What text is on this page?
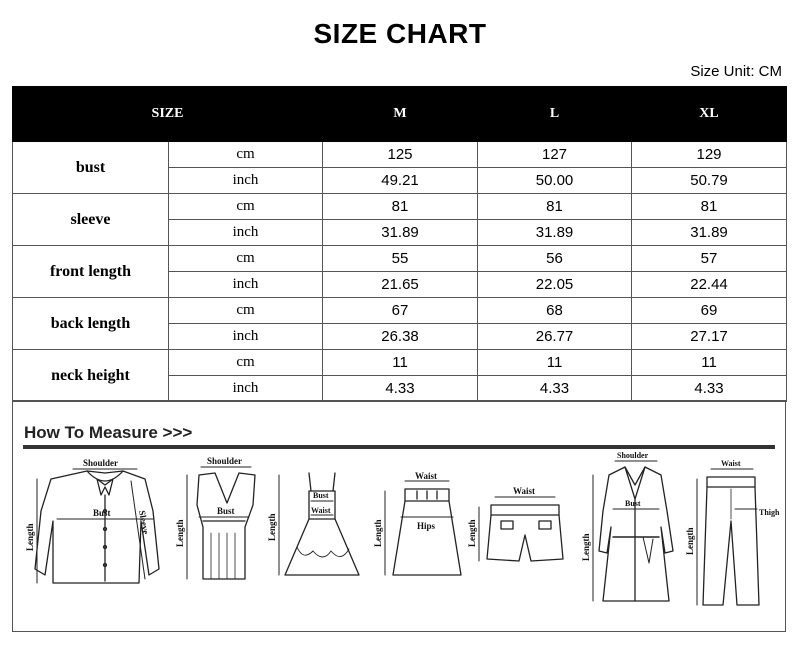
SIZE CHART
Size Unit: CM
SIZE		M	L	XL
bust	cm	125	127	129
	inch	49.21	50.00	50.79
sleeve	cm	81	81	81
	inch	31.89	31.89	31.89
front length	cm	55	56	57
	inch	21.65	22.05	22.44
back length	cm	67	68	69
	inch	26.38	26.77	27.17
neck height	cm	11	11	11
	inch	4.33	4.33	4.33
How To Measure >>>
Shoulder
Bust	Sleeve
Length
Shoulder
Bust
Length
Bust
Waist
Length
Waist
Hips
Length
Waist
Length
Shoulder
Bust
Length
Waist
Thigh
Length
